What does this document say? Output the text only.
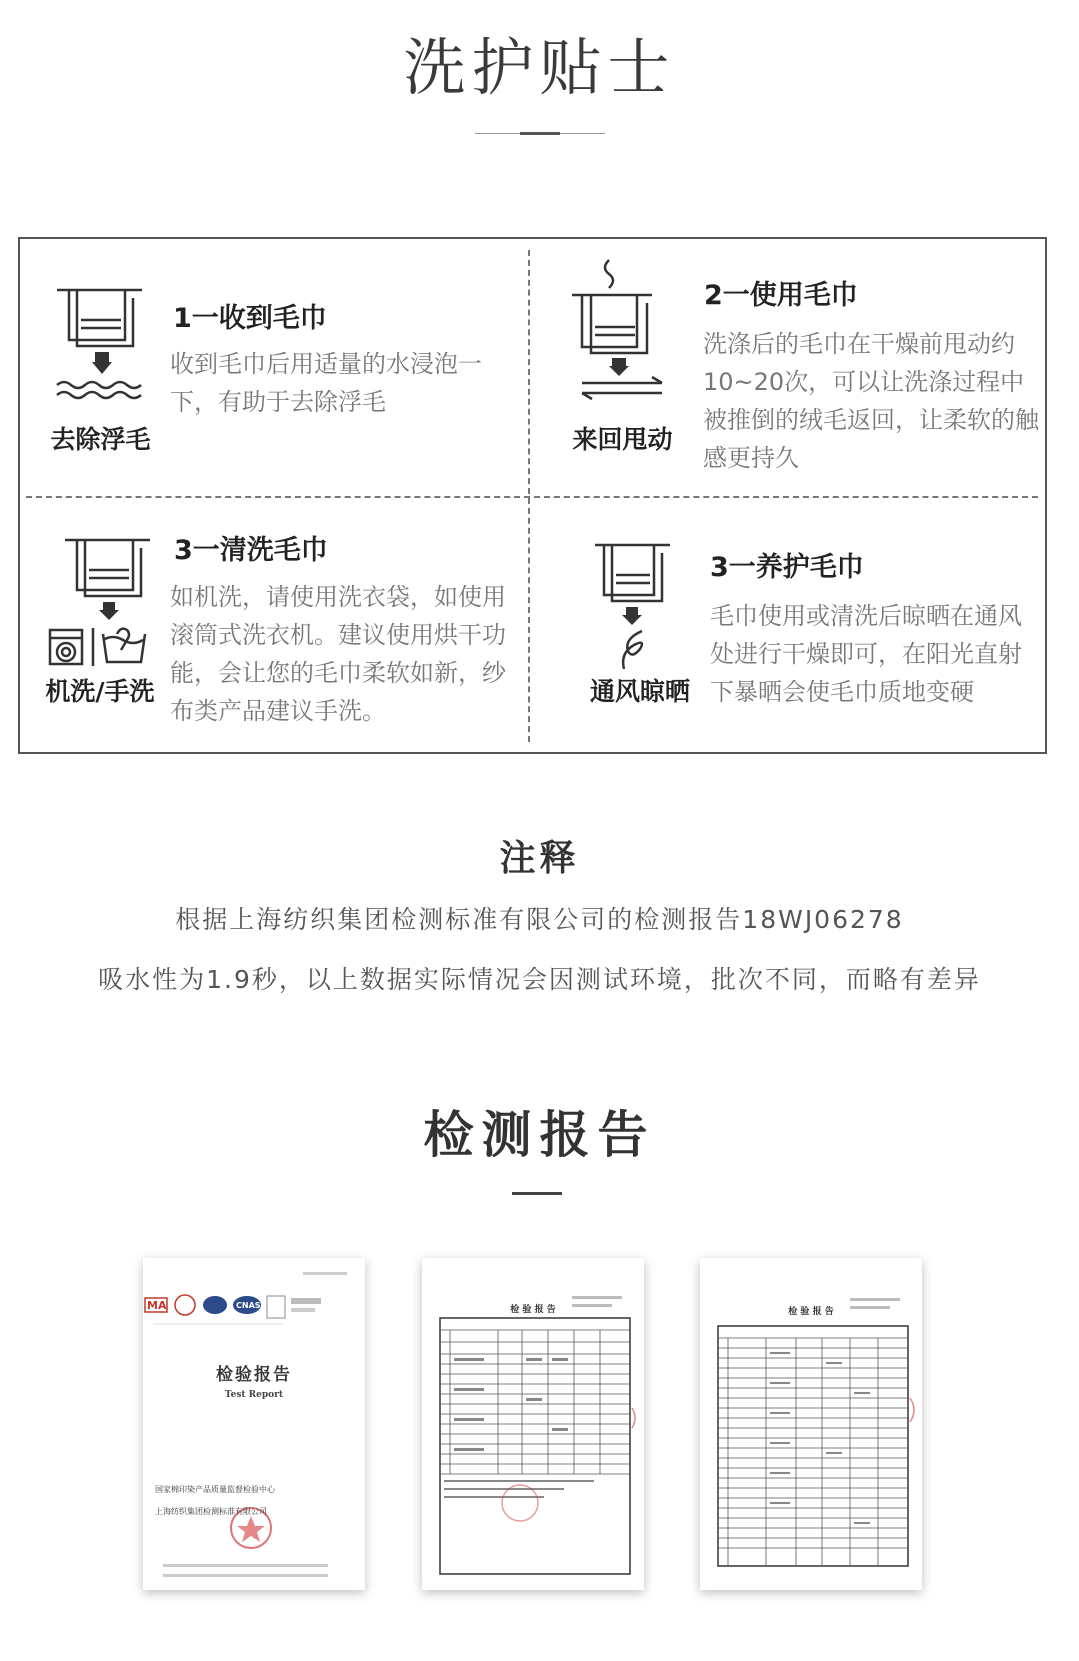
洗护贴士
去除浮毛
1一收到毛巾
收到毛巾后用适量的水浸泡一下，有助于去除浮毛
来回甩动
2一使用毛巾
洗涤后的毛巾在干燥前甩动约10~20次，可以让洗涤过程中被推倒的绒毛返回，让柔软的触感更持久
机洗/手洗
3一清洗毛巾
如机洗，请使用洗衣袋，如使用滚筒式洗衣机。建议使用烘干功能，会让您的毛巾柔软如新，纱布类产品建议手洗。
通风晾晒
3一养护毛巾
毛巾使用或清洗后晾晒在通风处进行干燥即可，在阳光直射下暴晒会使毛巾质地变硬
注释
根据上海纺织集团检测标准有限公司的检测报告18WJ06278
吸水性为1.9秒，以上数据实际情况会因测试环境，批次不同，而略有差异
检测报告
MA	CNAS
检验报告
Test Report
国家棉印染产品质量监督检验中心
上海纺织集团检测标准有限公司
检 验 报 告	检 验 报 告
